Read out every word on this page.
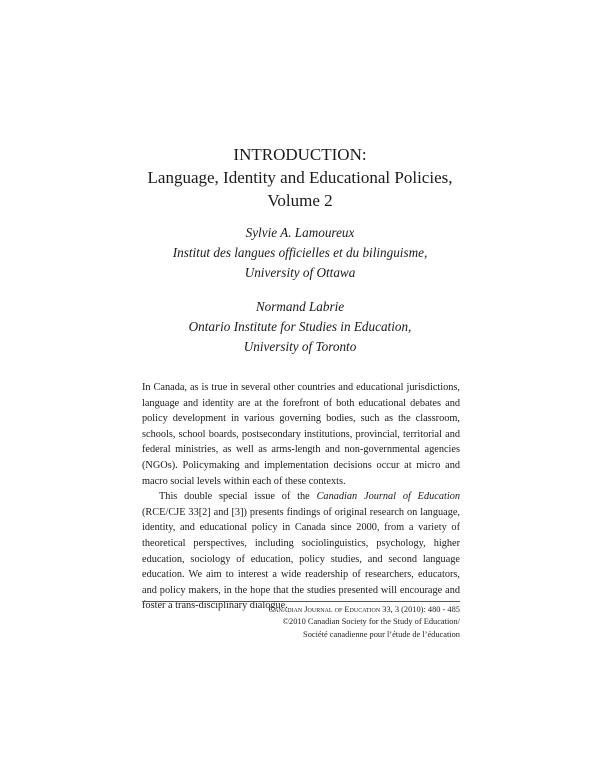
INTRODUCTION:
Language, Identity and Educational Policies,
Volume 2
Sylvie A. Lamoureux
Institut des langues officielles et du bilinguisme,
University of Ottawa
Normand Labrie
Ontario Institute for Studies in Education,
University of Toronto

In Canada, as is true in several other countries and educational jurisdictions, language and identity are at the forefront of both educational debates and policy development in various governing bodies, such as the classroom, schools, school boards, postsecondary institutions, provincial, territorial and federal ministries, as well as arms-length and non-governmental agencies (NGOs). Policymaking and implementation decisions occur at micro and macro social levels within each of these contexts.

This double special issue of the Canadian Journal of Education (RCE/CJE 33[2] and [3]) presents findings of original research on language, identity, and educational policy in Canada since 2000, from a variety of theoretical perspectives, including sociolinguistics, psychology, higher education, sociology of education, policy studies, and second language education. We aim to interest a wide readership of researchers, educators, and policy makers, in the hope that the studies presented will encourage and foster a trans-disciplinary dialogue.

Canadian Journal of Education 33, 3 (2010): 480 - 485
©2010 Canadian Society for the Study of Education/
Société canadienne pour l’étude de l’éducation
